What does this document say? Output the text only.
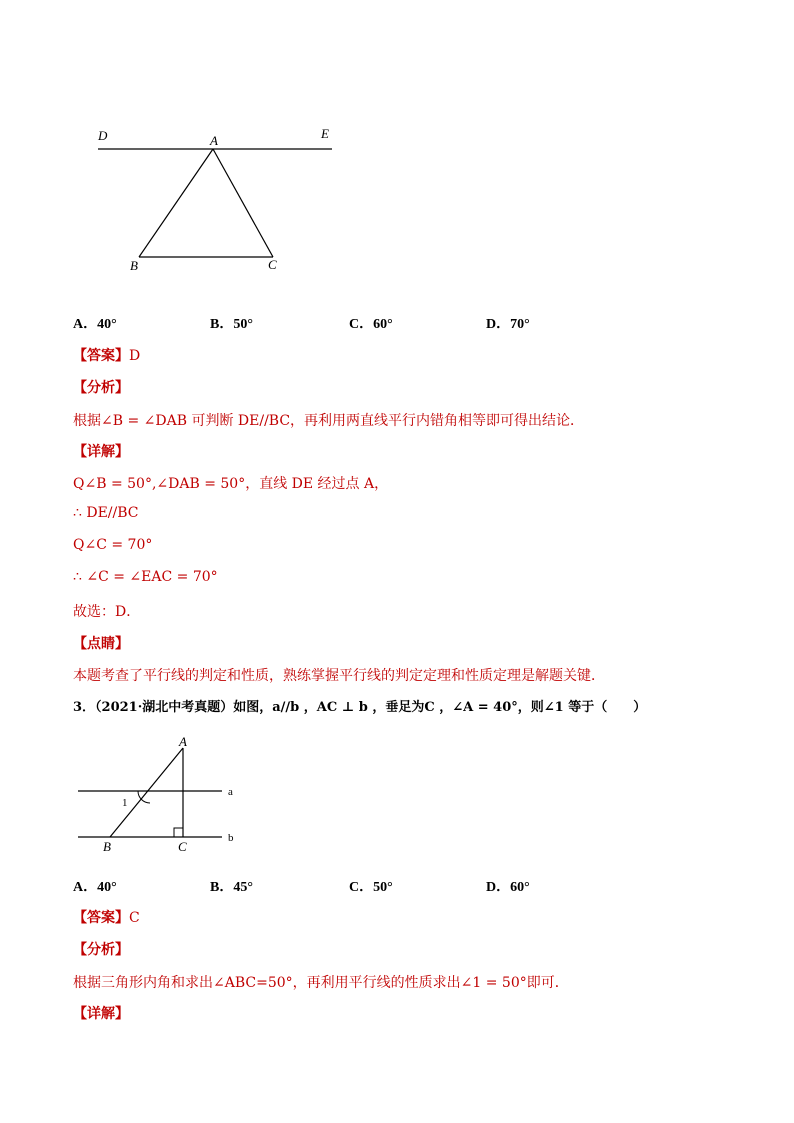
D	A	E
B	C
A．40°	B．50°	C．60°	D．70°
【答案】D
【分析】
根据∠B = ∠DAB 可判断 DE//BC，再利用两直线平行内错角相等即可得出结论．
【详解】
Q∠B = 50°,∠DAB = 50°，直线 DE 经过点 A，
∴ DE//BC
Q∠C = 70°
∴ ∠C = ∠EAC = 70°
故选：D．
【点睛】
本题考查了平行线的判定和性质，熟练掌握平行线的判定定理和性质定理是解题关键．
3．（2021·湖北中考真题）如图，a//b ，AC ⊥ b ，垂足为C ，∠A = 40°，则∠1 等于（　　）
A
a
1
B	C
b
A．40°	B．45°	C．50°	D．60°
【答案】C
【分析】
根据三角形内角和求出∠ABC=50°，再利用平行线的性质求出∠1 = 50°即可．
【详解】
